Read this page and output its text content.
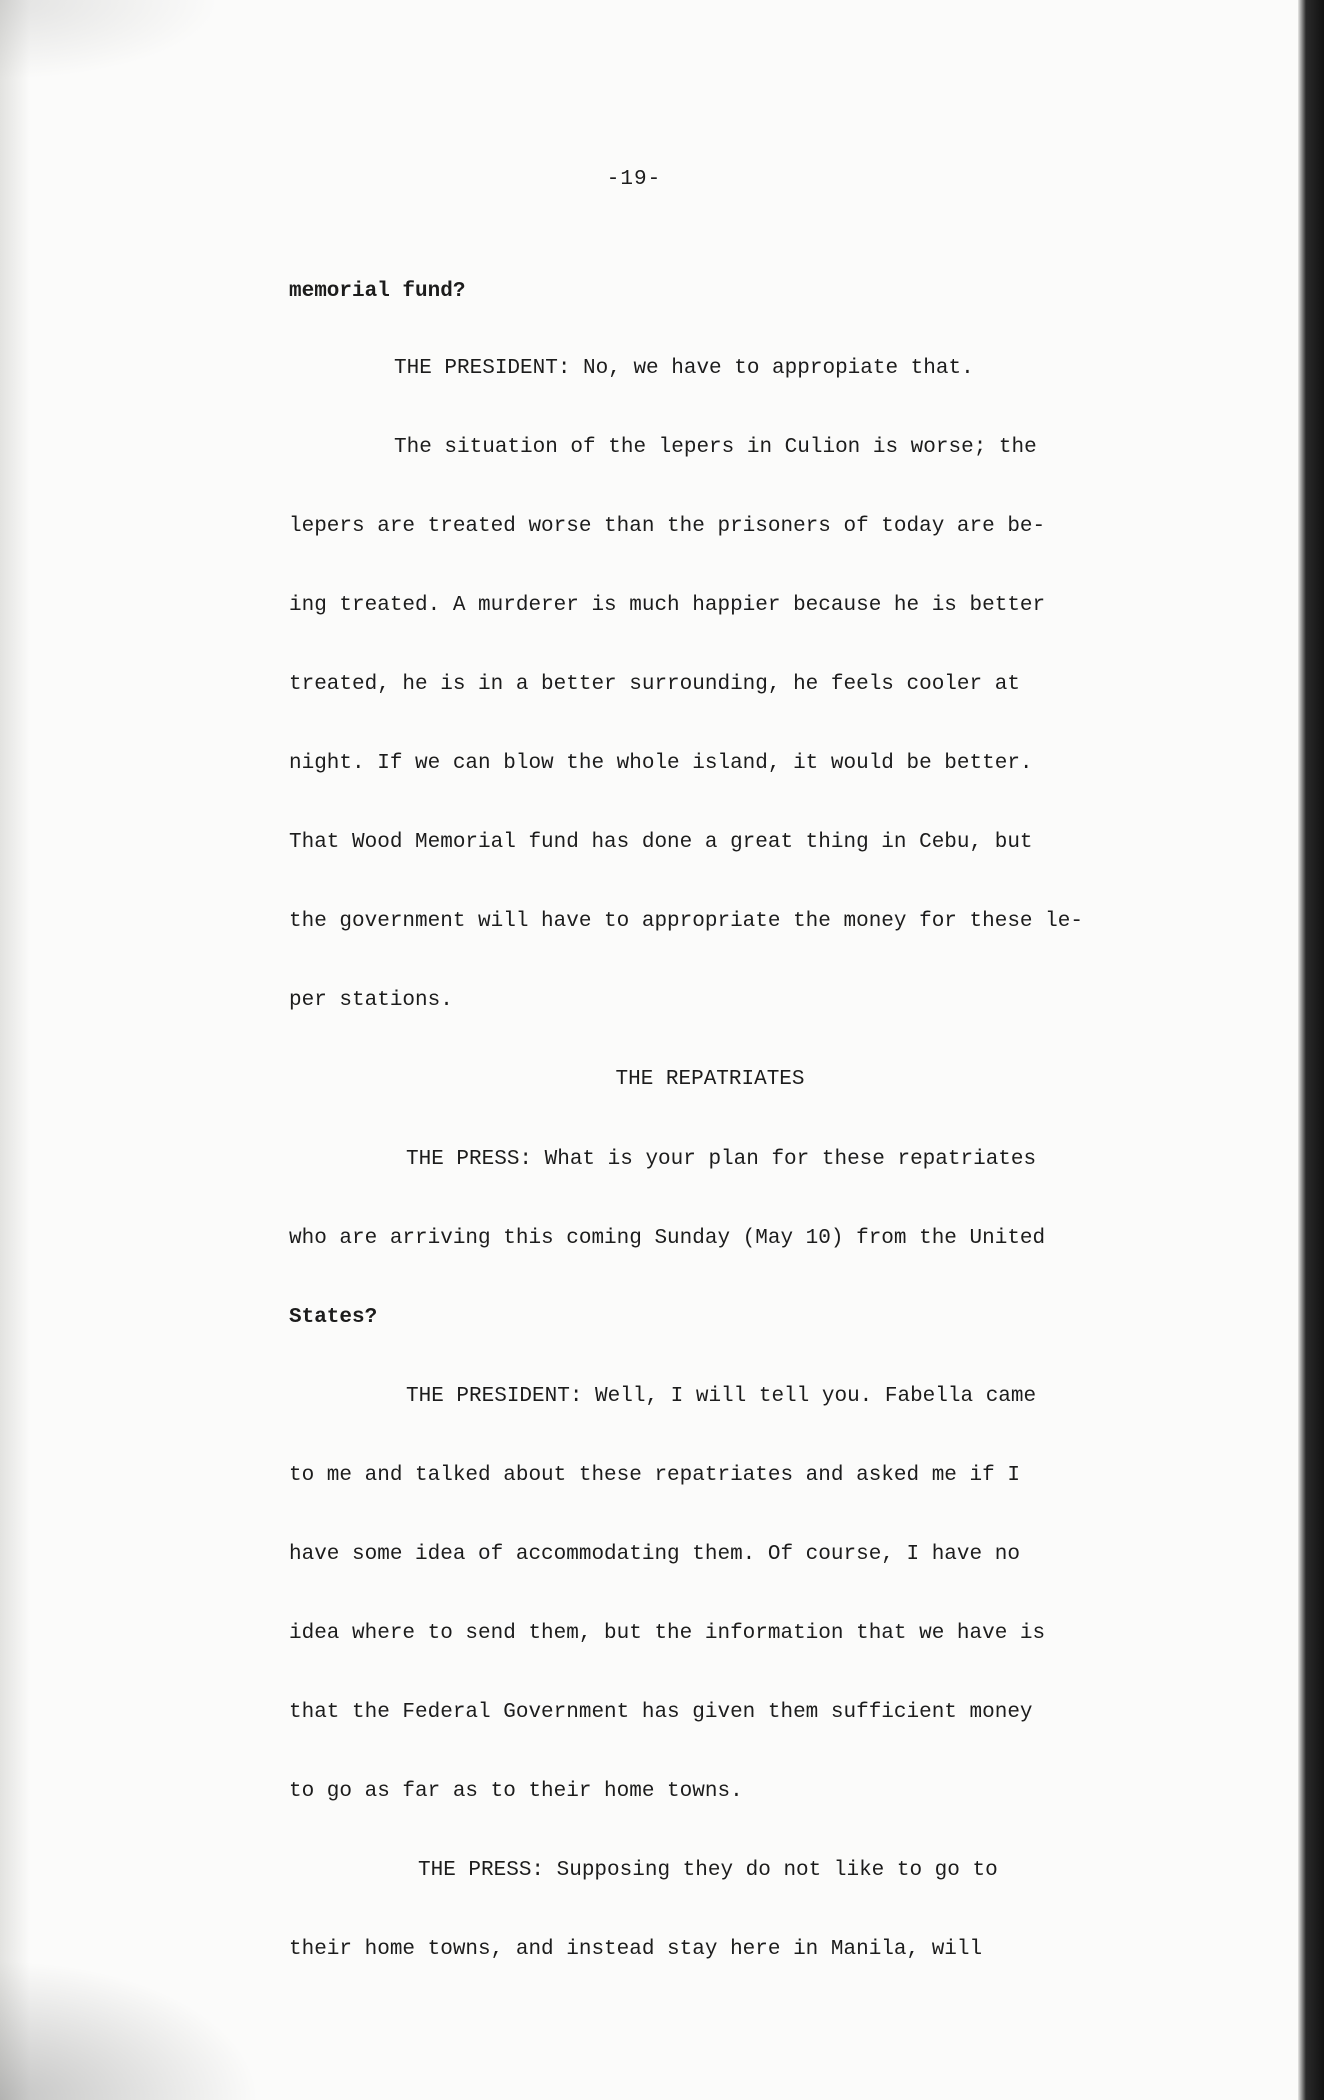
-19-
memorial fund?
THE PRESIDENT: No, we have to appropiate that.
The situation of the lepers in Culion is worse; the
lepers are treated worse than the prisoners of today are be-
ing treated. A murderer is much happier because he is better
treated, he is in a better surrounding, he feels cooler at
night. If we can blow the whole island, it would be better.
That Wood Memorial fund has done a great thing in Cebu, but
the government will have to appropriate the money for these le-
per stations.
THE REPATRIATES
THE PRESS: What is your plan for these repatriates
who are arriving this coming Sunday (May 10) from the United
States?
THE PRESIDENT: Well, I will tell you. Fabella came
to me and talked about these repatriates and asked me if I
have some idea of accommodating them. Of course, I have no
idea where to send them, but the information that we have is
that the Federal Government has given them sufficient money
to go as far as to their home towns.
THE PRESS: Supposing they do not like to go to
their home towns, and instead stay here in Manila, will
